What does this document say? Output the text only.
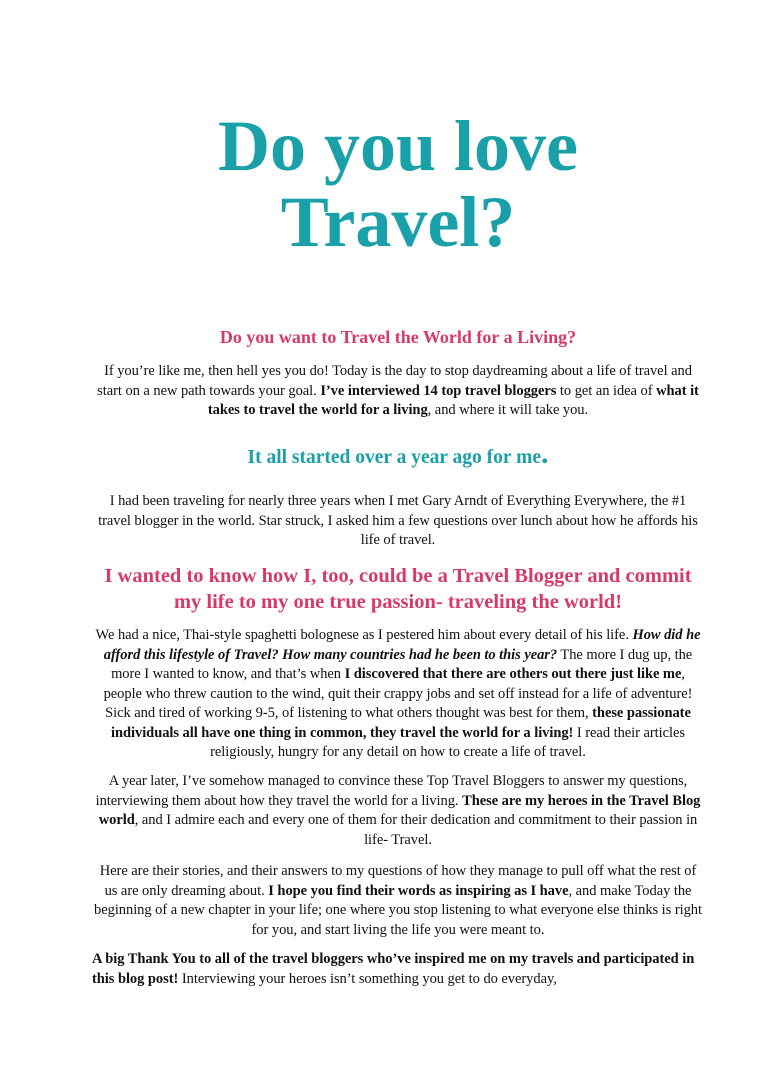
Do you love
Travel?
Do you want to Travel the World for a Living?

If you’re like me, then hell yes you do! Today is the day to stop daydreaming about a life of travel and start on a new path towards your goal. I’ve interviewed 14 top travel bloggers to get an idea of what it takes to travel the world for a living, and where it will take you.

It all started over a year ago for me.

I had been traveling for nearly three years when I met Gary Arndt of Everything Everywhere, the #1 travel blogger in the world. Star struck, I asked him a few questions over lunch about how he affords his life of travel.

I wanted to know how I, too, could be a Travel Blogger and commit my life to my one true passion- traveling the world!

We had a nice, Thai-style spaghetti bolognese as I pestered him about every detail of his life. How did he afford this lifestyle of Travel? How many countries had he been to this year? The more I dug up, the more I wanted to know, and that’s when I discovered that there are others out there just like me, people who threw caution to the wind, quit their crappy jobs and set off instead for a life of adventure! Sick and tired of working 9-5, of listening to what others thought was best for them, these passionate individuals all have one thing in common, they travel the world for a living! I read their articles religiously, hungry for any detail on how to create a life of travel.

A year later, I’ve somehow managed to convince these Top Travel Bloggers to answer my questions, interviewing them about how they travel the world for a living. These are my heroes in the Travel Blog world, and I admire each and every one of them for their dedication and commitment to their passion in life- Travel.

Here are their stories, and their answers to my questions of how they manage to pull off what the rest of us are only dreaming about. I hope you find their words as inspiring as I have, and make Today the beginning of a new chapter in your life; one where you stop listening to what everyone else thinks is right for you, and start living the life you were meant to.

A big Thank You to all of the travel bloggers who’ve inspired me on my travels and participated in this blog post! Interviewing your heroes isn’t something you get to do everyday,
